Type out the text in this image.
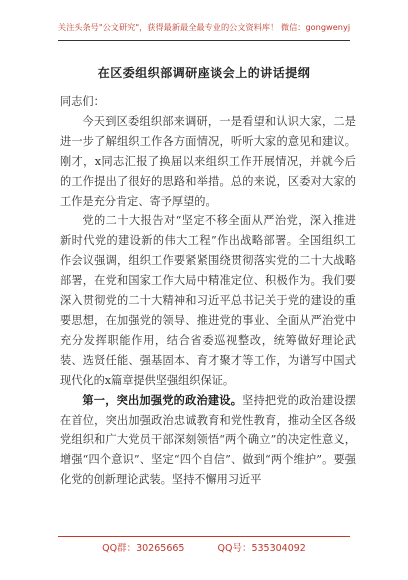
关注头条号"公文研究"，获得最新最全最专业的公文资料库！ 微信：gongwenyj
在区委组织部调研座谈会上的讲话提纲

同志们：

今天到区委组织部来调研，一是看望和认识大家，二是进一步了解组织工作各方面情况，听听大家的意见和建议。刚才，x同志汇报了换届以来组织工作开展情况，并就今后的工作提出了很好的思路和举措。总的来说，区委对大家的工作是充分肯定、寄予厚望的。

党的二十大报告对“坚定不移全面从严治党，深入推进新时代党的建设新的伟大工程”作出战略部署。全国组织工作会议强调，组织工作要紧紧围绕贯彻落实党的二十大战略部署，在党和国家工作大局中精准定位、积极作为。我们要深入贯彻党的二十大精神和习近平总书记关于党的建设的重要思想，在加强党的领导、推进党的事业、全面从严治党中充分发挥职能作用，结合省委巡视整改，统筹做好理论武装、选贤任能、强基固本、育才聚才等工作，为谱写中国式现代化的x篇章提供坚强组织保证。

第一，突出加强党的政治建设。坚持把党的政治建设摆在首位，突出加强政治忠诚教育和党性教育，推动全区各级党组织和广大党员干部深刻领悟“两个确立”的决定性意义，增强“四个意识”、坚定“四个自信”、做到“两个维护”。要强化党的创新理论武装。坚持不懈用习近平

QQ群：30265665	QQ号：535304092
